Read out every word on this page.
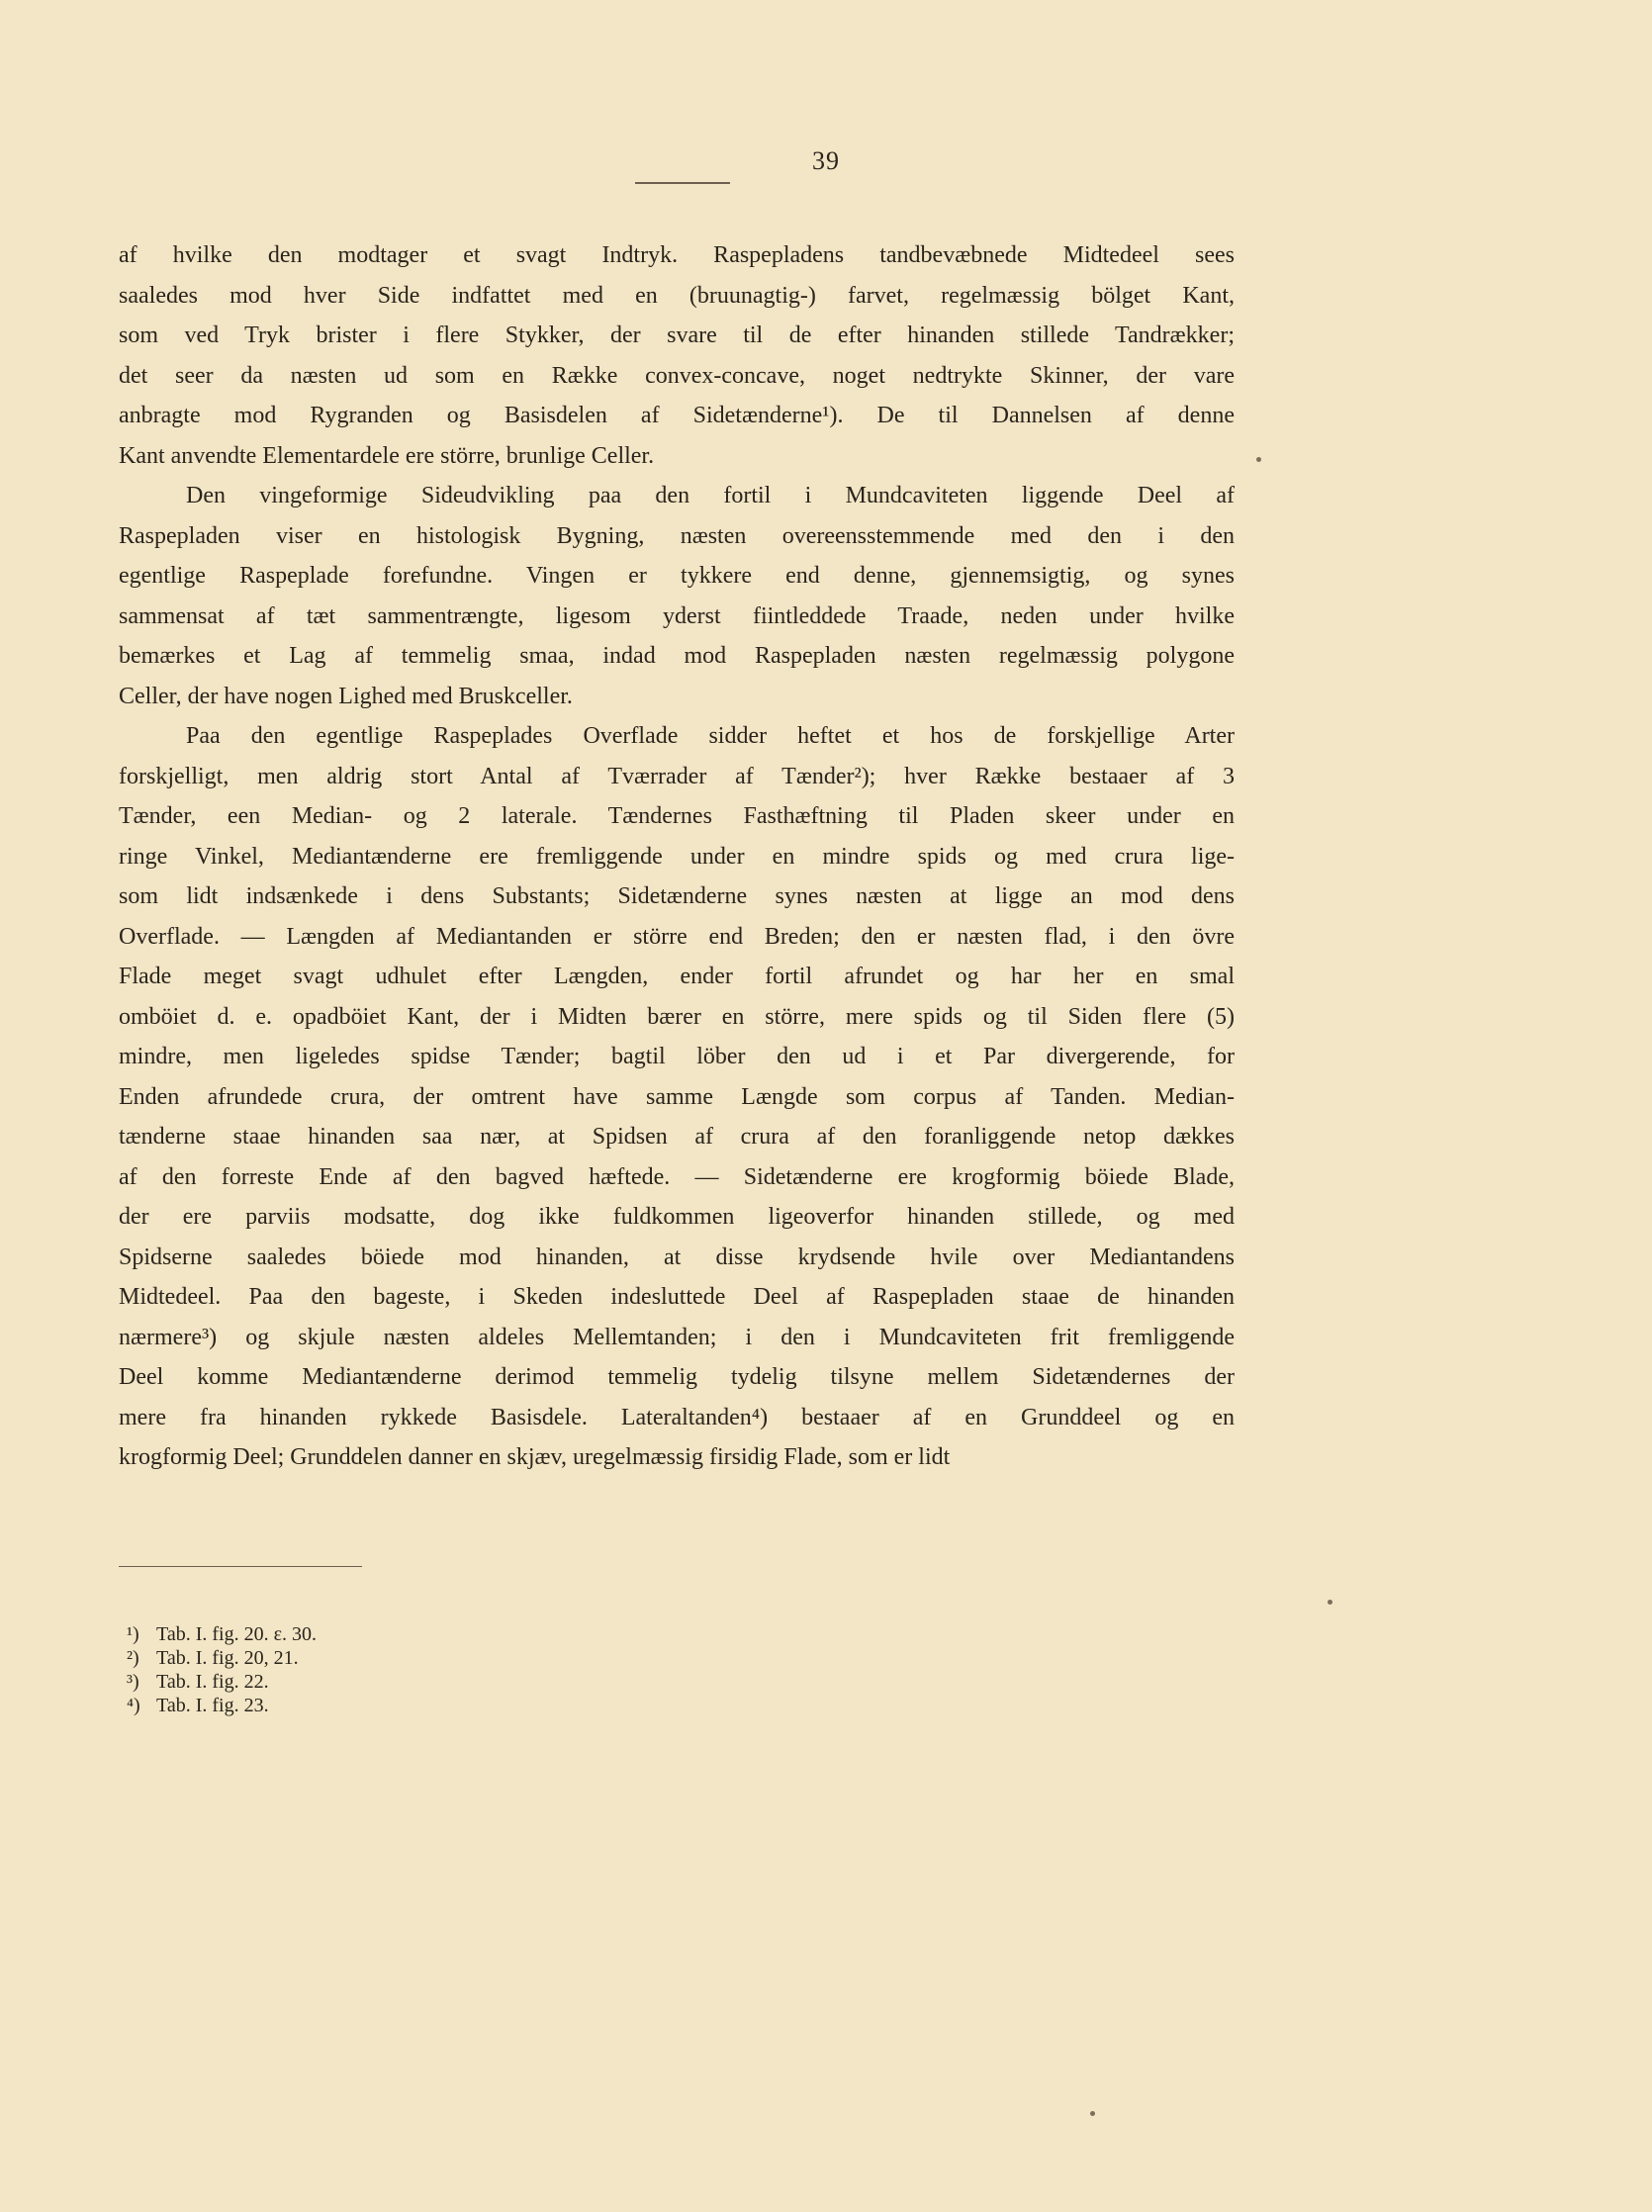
39
af hvilke den modtager et svagt Indtryk. Raspepladens tandbevæbnede Midtedeel sees
saaledes mod hver Side indfattet med en (bruunagtig-) farvet, regelmæssig bölget Kant,
som ved Tryk brister i flere Stykker, der svare til de efter hinanden stillede Tandrækker;
det seer da næsten ud som en Række convex-concave, noget nedtrykte Skinner, der vare
anbragte mod Rygranden og Basisdelen af Sidetænderne¹). De til Dannelsen af denne
Kant anvendte Elementardele ere större, brunlige Celler.
Den vingeformige Sideudvikling paa den fortil i Mundcaviteten liggende Deel af
Raspepladen viser en histologisk Bygning, næsten overeensstemmende med den i den
egentlige Raspeplade forefundne. Vingen er tykkere end denne, gjennemsigtig, og synes
sammensat af tæt sammentrængte, ligesom yderst fiintleddede Traade, neden under hvilke
bemærkes et Lag af temmelig smaa, indad mod Raspepladen næsten regelmæssig polygone
Celler, der have nogen Lighed med Bruskceller.
Paa den egentlige Raspeplades Overflade sidder heftet et hos de forskjellige Arter
forskjelligt, men aldrig stort Antal af Tværrader af Tænder²); hver Række bestaaer af 3
Tænder, een Median- og 2 laterale. Tændernes Fasthæftning til Pladen skeer under en
ringe Vinkel, Mediantænderne ere fremliggende under en mindre spids og med crura lige-
som lidt indsænkede i dens Substants; Sidetænderne synes næsten at ligge an mod dens
Overflade. — Længden af Mediantanden er större end Breden; den er næsten flad, i den övre
Flade meget svagt udhulet efter Længden, ender fortil afrundet og har her en smal
omböiet d. e. opadböiet Kant, der i Midten bærer en större, mere spids og til Siden flere (5)
mindre, men ligeledes spidse Tænder; bagtil löber den ud i et Par divergerende, for
Enden afrundede crura, der omtrent have samme Længde som corpus af Tanden. Median-
tænderne staae hinanden saa nær, at Spidsen af crura af den foranliggende netop dækkes
af den forreste Ende af den bagved hæftede. — Sidetænderne ere krogformig böiede Blade,
der ere parviis modsatte, dog ikke fuldkommen ligeoverfor hinanden stillede, og med
Spidserne saaledes böiede mod hinanden, at disse krydsende hvile over Mediantandens
Midtedeel. Paa den bageste, i Skeden indesluttede Deel af Raspepladen staae de hinanden
nærmere³) og skjule næsten aldeles Mellemtanden; i den i Mundcaviteten frit fremliggende
Deel komme Mediantænderne derimod temmelig tydelig tilsyne mellem Sidetændernes der
mere fra hinanden rykkede Basisdele. Lateraltanden⁴) bestaaer af en Grunddeel og en
krogformig Deel; Grunddelen danner en skjæv, uregelmæssig firsidig Flade, som er lidt
¹) Tab. I. fig. 20. ε. 30.
²) Tab. I. fig. 20, 21.
³) Tab. I. fig. 22.
⁴) Tab. I. fig. 23.
